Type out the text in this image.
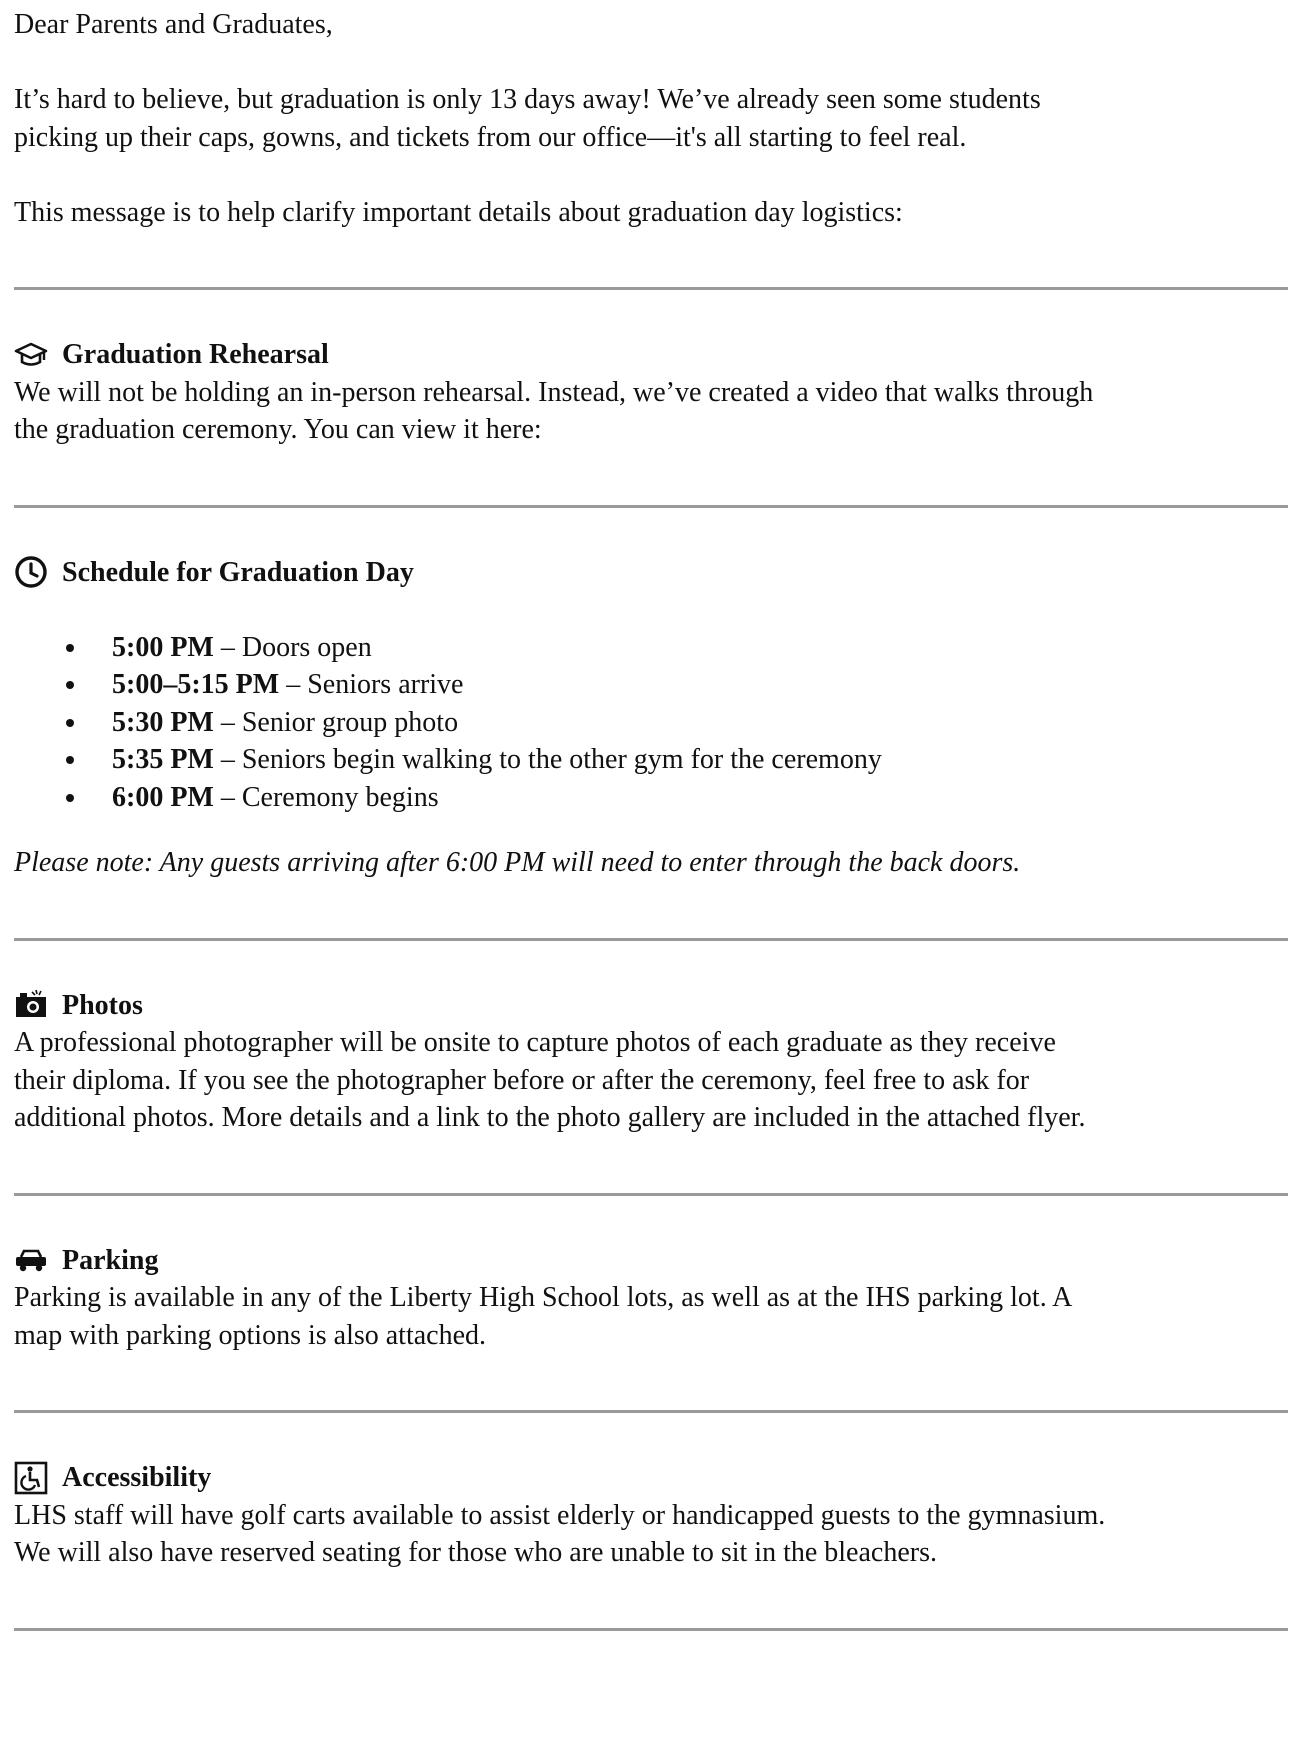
Dear Parents and Graduates,

It’s hard to believe, but graduation is only 13 days away! We’ve already seen some students

picking up their caps, gowns, and tickets from our office—it's all starting to feel real.

This message is to help clarify important details about graduation day logistics:

Graduation Rehearsal

We will not be holding an in-person rehearsal. Instead, we’ve created a video that walks through

the graduation ceremony. You can view it here:

Schedule for Graduation Day
5:00 PM – Doors open
5:00–5:15 PM – Seniors arrive
5:30 PM – Senior group photo
5:35 PM – Seniors begin walking to the other gym for the ceremony
6:00 PM – Ceremony begins

Please note: Any guests arriving after 6:00 PM will need to enter through the back doors.

Photos

A professional photographer will be onsite to capture photos of each graduate as they receive

their diploma. If you see the photographer before or after the ceremony, feel free to ask for

additional photos. More details and a link to the photo gallery are included in the attached flyer.

Parking

Parking is available in any of the Liberty High School lots, as well as at the IHS parking lot. A

map with parking options is also attached.

Accessibility

LHS staff will have golf carts available to assist elderly or handicapped guests to the gymnasium.

We will also have reserved seating for those who are unable to sit in the bleachers.
